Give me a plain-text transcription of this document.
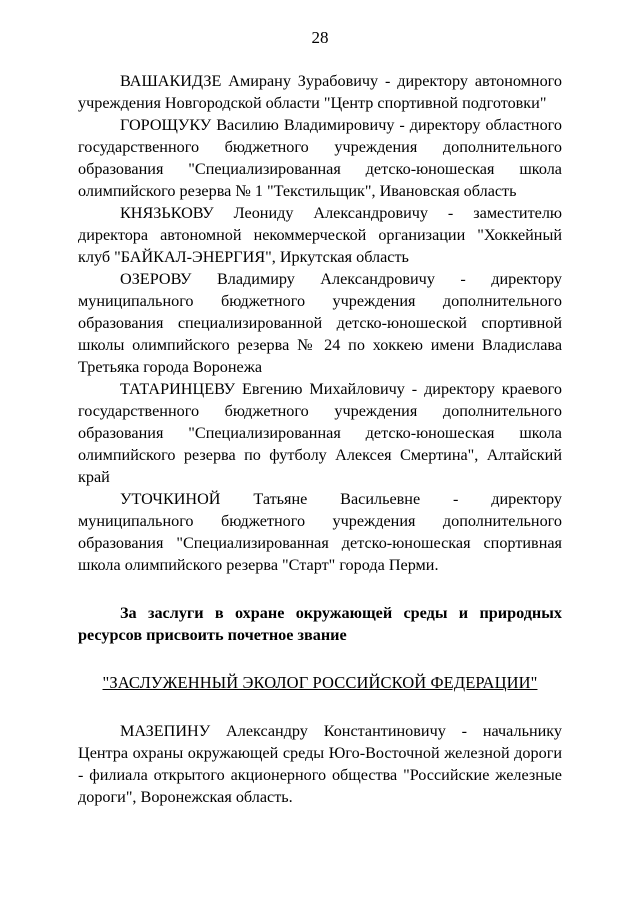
28

ВАШАКИДЗЕ Амирану Зурабовичу - директору автономного учреждения Новгородской области "Центр спортивной подготовки"

ГОРОЩУКУ Василию Владимировичу - директору областного государственного бюджетного учреждения дополнительного образования "Специализированная детско-юношеская школа олимпийского резерва № 1 "Текстильщик", Ивановская область

КНЯЗЬКОВУ Леониду Александровичу - заместителю директора автономной некоммерческой организации "Хоккейный клуб "БАЙКАЛ-ЭНЕРГИЯ", Иркутская область

ОЗЕРОВУ Владимиру Александровичу - директору муниципального бюджетного учреждения дополнительного образования специализированной детско-юношеской спортивной школы олимпийского резерва № 24 по хоккею имени Владислава Третьяка города Воронежа

ТАТАРИНЦЕВУ Евгению Михайловичу - директору краевого государственного бюджетного учреждения дополнительного образования "Специализированная детско-юношеская школа олимпийского резерва по футболу Алексея Смертина", Алтайский край

УТОЧКИНОЙ Татьяне Васильевне - директору муниципального бюджетного учреждения дополнительного образования "Специализированная детско-юношеская спортивная школа олимпийского резерва "Старт" города Перми.

За заслуги в охране окружающей среды и природных ресурсов присвоить почетное звание

"ЗАСЛУЖЕННЫЙ ЭКОЛОГ РОССИЙСКОЙ ФЕДЕРАЦИИ"

МАЗЕПИНУ Александру Константиновичу - начальнику Центра охраны окружающей среды Юго-Восточной железной дороги - филиала открытого акционерного общества "Российские железные дороги", Воронежская область.
